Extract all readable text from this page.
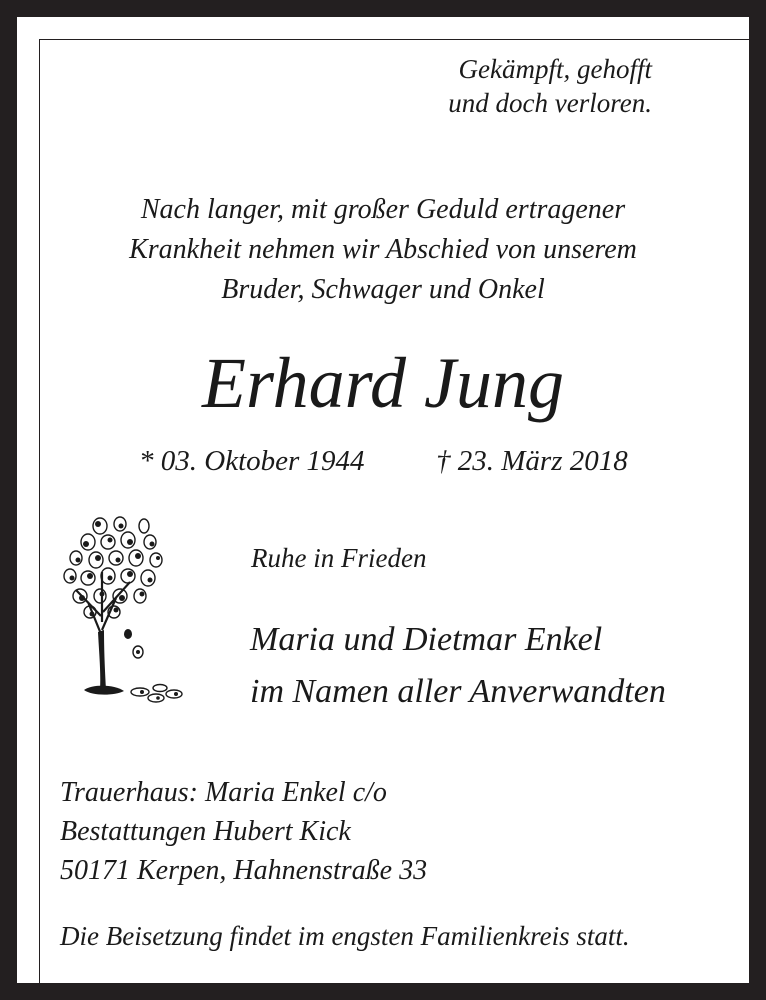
Gekämpft, gehofft
und doch verloren.

Nach langer, mit großer Geduld ertragener
Krankheit nehmen wir Abschied von unserem
Bruder, Schwager und Onkel

Erhard Jung

* 03. Oktober 1944 † 23. März 2018

Ruhe in Frieden

Maria und Dietmar Enkel
im Namen aller Anverwandten

Trauerhaus: Maria Enkel c/o
Bestattungen Hubert Kick
50171 Kerpen, Hahnenstraße 33

Die Beisetzung findet im engsten Familienkreis statt.
